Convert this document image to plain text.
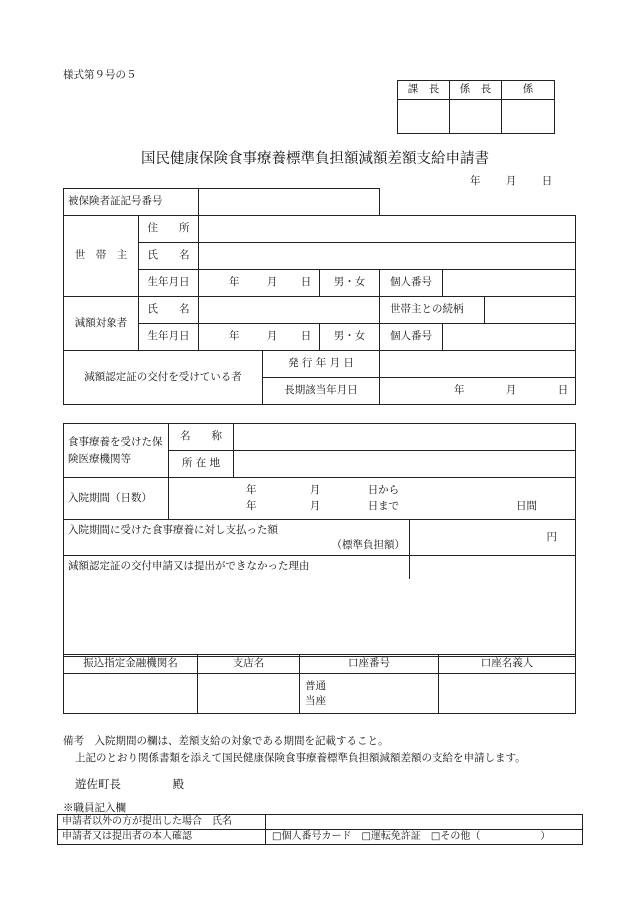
様式第９号の５
課　長	係　長	係

国民健康保険食事療養標準負担額減額差額支給申請書
年 月 日
被保険者証記号番号	
世　帯　主	住　　所						
	氏　　名						
	生年月日	年 月 日		男・女	個人番号		
減額対象者	氏　　名				世帯主との続柄		
	生年月日	年 月 日		男・女	個人番号		
減額認定証の交付を受けている者			発 行 年 月 日				
			長期該当年月日		年 月 日		
食事療養を受けた保険医療機関等	名　　称		
	所 在 地		
入院期間（日数）	年 月 日から
年 月 日まで 日間		

入院期間に受けた食事療養に対し支払った額
（標準負担額）			円
減額認定証の交付申請又は提出ができなかった理由			

振込指定金融機関名	支店名	口座番号	口座名義人

		普通
当座	

備考　入院期間の欄は、差額支給の対象である期間を記載すること。
上記のとおり関係書類を添えて国民健康保険食事療養標準負担額減額差額の支給を申請します。
遊佐町長	殿
※職員記入欄
申請者以外の方が提出した場合　氏名	
申請者又は提出者の本人確認	□個人番号カード　□運転免許証　□その他（　　　　　　）
